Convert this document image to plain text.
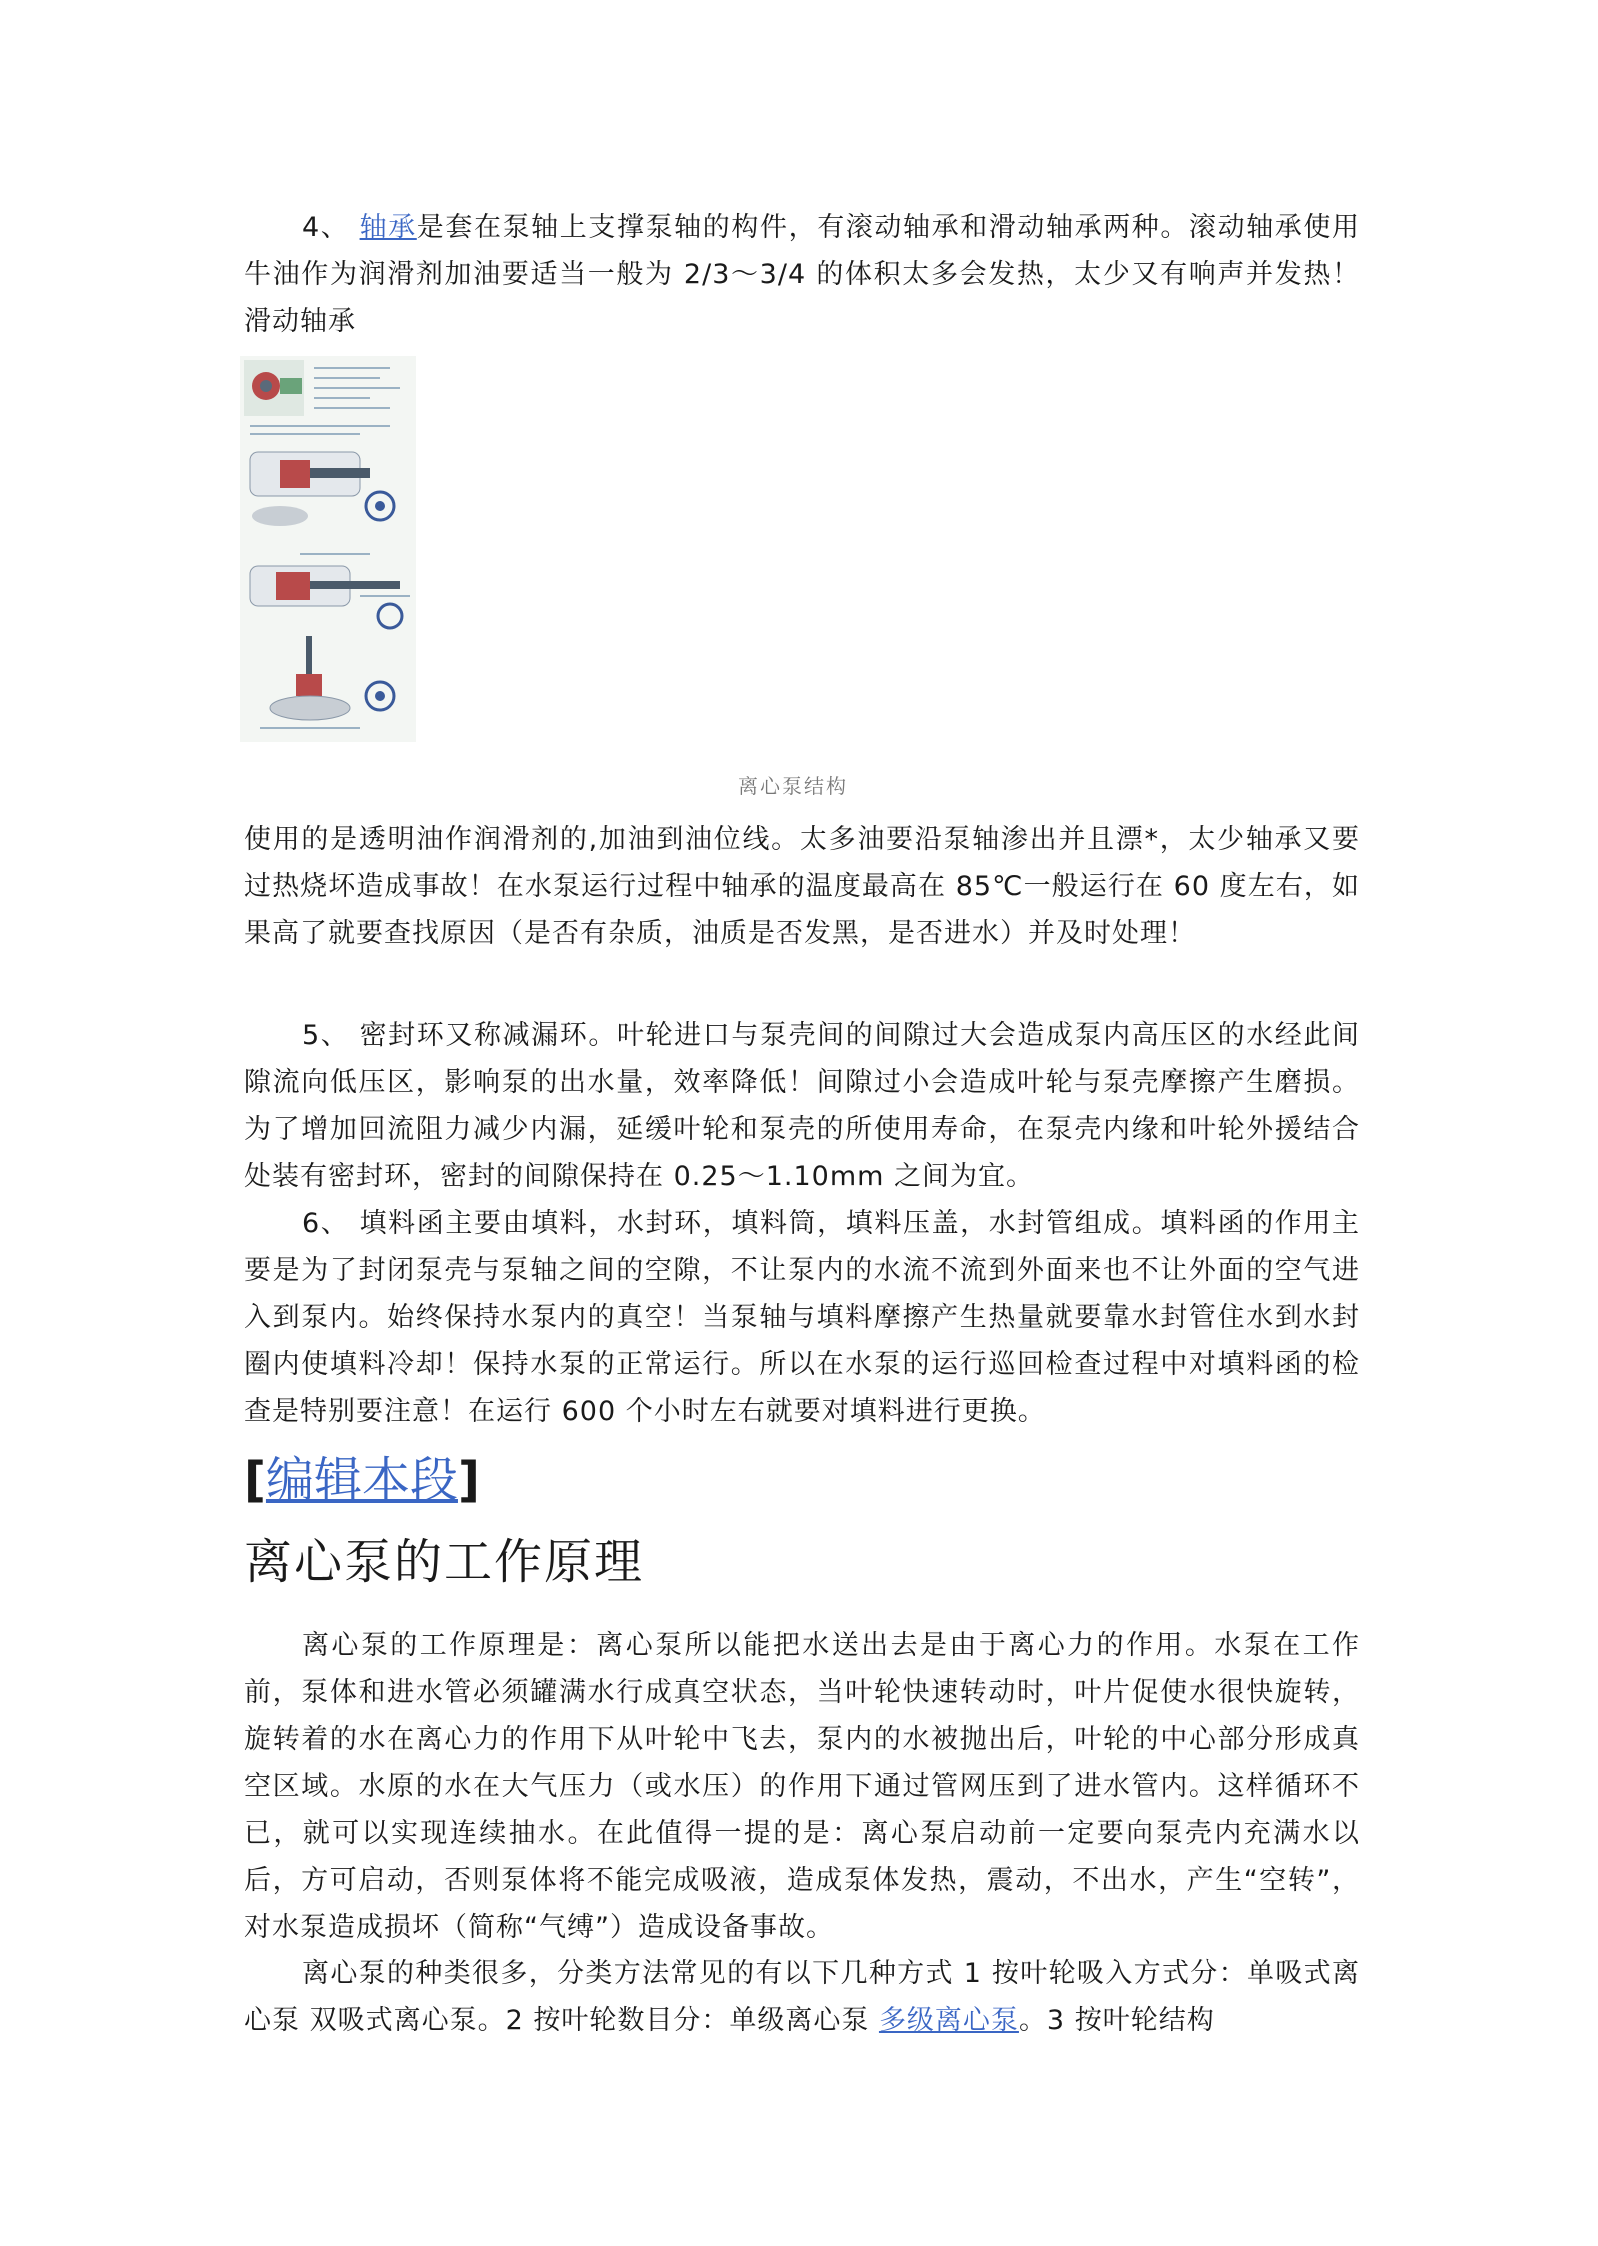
4、 轴承是套在泵轴上支撑泵轴的构件，有滚动轴承和滑动轴承两种。滚动轴承使用牛油作为润滑剂加油要适当一般为 2/3～3/4 的体积太多会发热，太少又有响声并发热！滑动轴承
离心泵结构
使用的是透明油作润滑剂的,加油到油位线。太多油要沿泵轴渗出并且漂*，太少轴承又要过热烧坏造成事故！在水泵运行过程中轴承的温度最高在 85℃一般运行在 60 度左右，如果高了就要查找原因（是否有杂质，油质是否发黑，是否进水）并及时处理！
5、 密封环又称减漏环。叶轮进口与泵壳间的间隙过大会造成泵内高压区的水经此间隙流向低压区，影响泵的出水量，效率降低！间隙过小会造成叶轮与泵壳摩擦产生磨损。为了增加回流阻力减少内漏，延缓叶轮和泵壳的所使用寿命，在泵壳内缘和叶轮外援结合处装有密封环，密封的间隙保持在 0.25～1.10mm 之间为宜。
6、 填料函主要由填料，水封环，填料筒，填料压盖，水封管组成。填料函的作用主要是为了封闭泵壳与泵轴之间的空隙，不让泵内的水流不流到外面来也不让外面的空气进入到泵内。始终保持水泵内的真空！当泵轴与填料摩擦产生热量就要靠水封管住水到水封圈内使填料冷却！保持水泵的正常运行。所以在水泵的运行巡回检查过程中对填料函的检查是特别要注意！在运行 600 个小时左右就要对填料进行更换。
[编辑本段]
离心泵的工作原理
离心泵的工作原理是：离心泵所以能把水送出去是由于离心力的作用。水泵在工作前，泵体和进水管必须罐满水行成真空状态，当叶轮快速转动时，叶片促使水很快旋转，旋转着的水在离心力的作用下从叶轮中飞去，泵内的水被抛出后，叶轮的中心部分形成真空区域。水原的水在大气压力（或水压）的作用下通过管网压到了进水管内。这样循环不已，就可以实现连续抽水。在此值得一提的是：离心泵启动前一定要向泵壳内充满水以后，方可启动，否则泵体将不能完成吸液，造成泵体发热，震动，不出水，产生“空转”，对水泵造成损坏（简称“气缚”）造成设备事故。
离心泵的种类很多，分类方法常见的有以下几种方式 1 按叶轮吸入方式分：单吸式离心泵 双吸式离心泵。2 按叶轮数目分：单级离心泵 多级离心泵。3 按叶轮结构
